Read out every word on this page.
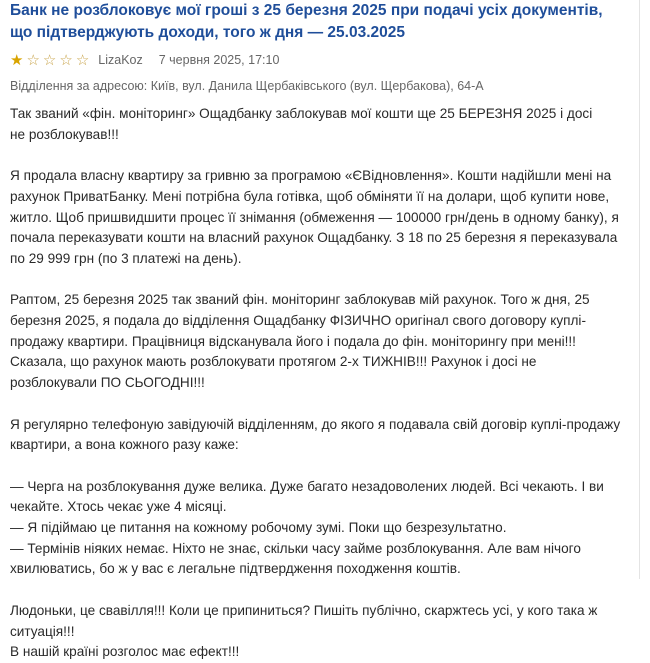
Банк не розблоковує мої гроші з 25 березня 2025 при подачі усіх документів, що підтверджують доходи, того ж дня — 25.03.2025
★ ☆ ☆ ☆ ☆ LizaKoz 7 червня 2025, 17:10
Відділення за адресою: Київ, вул. Данила Щербаківського (вул. Щербакова), 64-А

Так званий «фін. моніторинг» Ощадбанку заблокував мої кошти ще 25 БЕРЕЗНЯ 2025 і досі

не розблокував!!!

Я продала власну квартиру за гривню за програмою «ЄВідновлення». Кошти надійшли мені на рахунок ПриватБанку. Мені потрібна була готівка, щоб обміняти її на долари, щоб купити нове, житло. Щоб пришвидшити процес її знімання (обмеження — 100000 грн/день в одному банку), я почала переказувати кошти на власний рахунок Ощадбанку. З 18 по 25 березня я переказувала по 29 999 грн (по 3 платежі на день).

Раптом, 25 березня 2025 так званий фін. моніторинг заблокував мій рахунок. Того ж дня, 25 березня 2025, я подала до відділення Ощадбанку ФІЗИЧНО оригінал свого договору куплі-продажу квартири. Працівниця відсканувала його і подала до фін. моніторингу при мені!!! Сказала, що рахунок мають розблокувати протягом 2-х ТИЖНІВ!!! Рахунок і досі не розблокували ПО СЬОГОДНІ!!!

Я регулярно телефоную завідуючій відділенням, до якого я подавала свій договір куплі-продажу квартири, а вона кожного разу каже:

— Черга на розблокування дуже велика. Дуже багато незадоволених людей. Всі чекають. І ви чекайте. Хтось чекає уже 4 місяці.

— Я підіймаю це питання на кожному робочому зумі. Поки що безрезультатно.

— Термінів ніяких немає. Ніхто не знає, скільки часу займе розблокування. Але вам нічого хвилюватись, бо ж у вас є легальне підтвердження походження коштів.

Людоньки, це свавілля!!! Коли це припиниться? Пишіть публічно, скаржтесь усі, у кого така ж ситуація!!!

В нашій країні розголос має ефект!!!
